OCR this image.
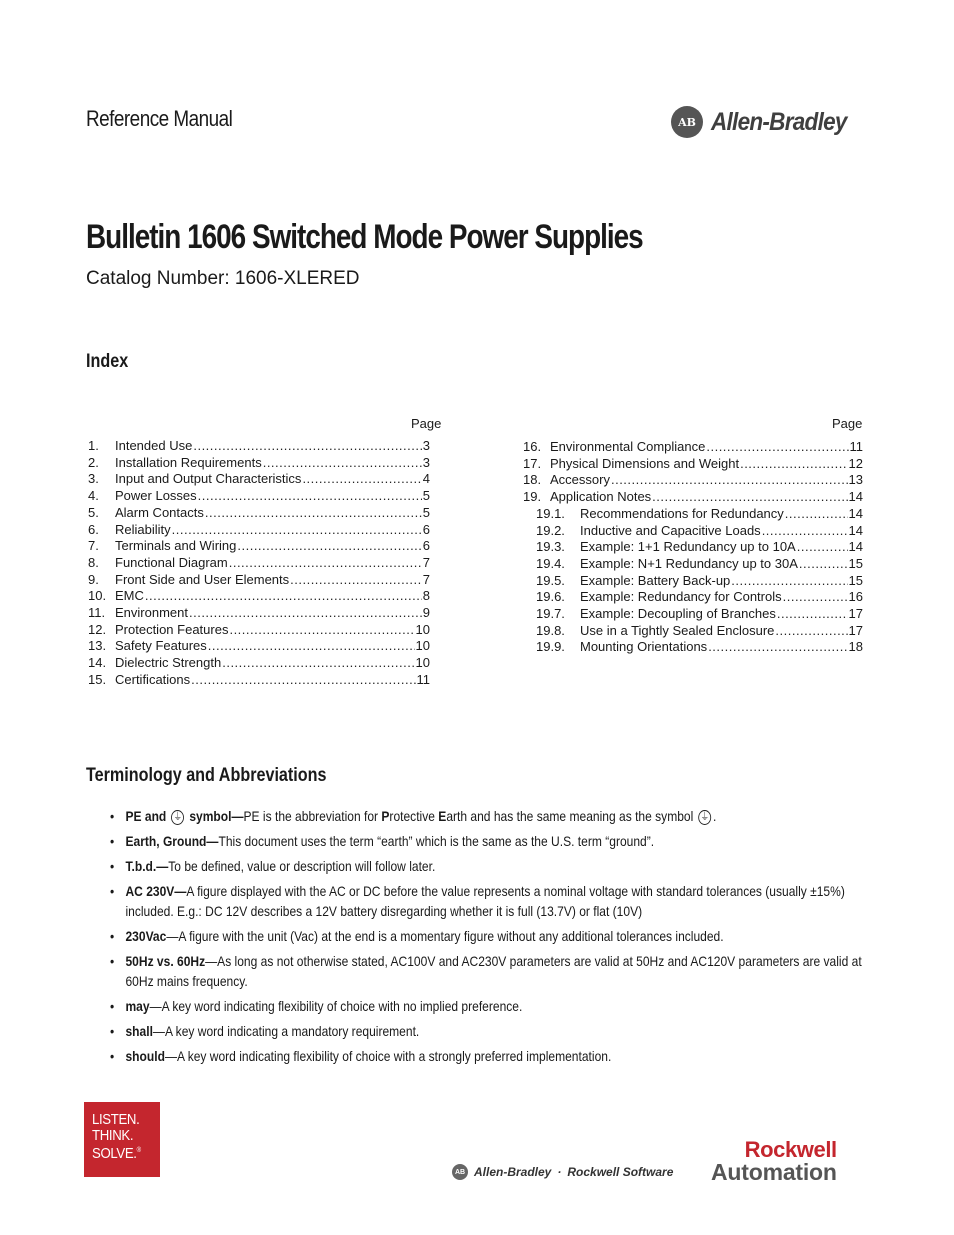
Reference Manual	AB Allen-Bradley
Bulletin 1606 Switched Mode Power Supplies
Catalog Number: 1606-XLERED
Index
Page	Page
1.	Intended Use .....	3
2.	Installation Requirements .....	3
3.	Input and Output Characteristics .....	4
4.	Power Losses .....	5
5.	Alarm Contacts .....	5
6.	Reliability .....	6
7.	Terminals and Wiring .....	6
8.	Functional Diagram .....	7
9.	Front Side and User Elements .....	7
10. EMC .....	8
11. Environment .....	9
12. Protection Features .....	10
13. Safety Features .....	10
14. Dielectric Strength .....	10
15. Certifications .....	11
16. Environmental Compliance .....	11
17. Physical Dimensions and Weight .....	12
18. Accessory .....	13
19. Application Notes .....	14
19.1.	Recommendations for Redundancy .....	14
19.2.	Inductive and Capacitive Loads .....	14
19.3.	Example: 1+1 Redundancy up to 10A .....	14
19.4.	Example: N+1 Redundancy up to 30A .....	15
19.5.	Example: Battery Back-up .....	15
19.6.	Example: Redundancy for Controls .....	16
19.7.	Example: Decoupling of Branches .....	17
19.8.	Use in a Tightly Sealed Enclosure .....	17
19.9.	Mounting Orientations .....	18
Terminology and Abbreviations
• PE and ⏚ symbol—PE is the abbreviation for Protective Earth and has the same meaning as the symbol ⏚ .
• Earth, Ground—This document uses the term “earth” which is the same as the U.S. term “ground”.
• T.b.d.—To be defined, value or description will follow later.
• AC 230V—A figure displayed with the AC or DC before the value represents a nominal voltage with standard tolerances (usually ±15%) included. E.g.: DC 12V describes a 12V battery disregarding whether it is full (13.7V) or flat (10V)
• 230Vac—A figure with the unit (Vac) at the end is a momentary figure without any additional tolerances included.
• 50Hz vs. 60Hz—As long as not otherwise stated, AC100V and AC230V parameters are valid at 50Hz and AC120V parameters are valid at 60Hz mains frequency.
• may—A key word indicating flexibility of choice with no implied preference.
• shall—A key word indicating a mandatory requirement.
• should—A key word indicating flexibility of choice with a strongly preferred implementation.
LISTEN.
THINK.
SOLVE.®
AB Allen-Bradley · Rockwell Software
Rockwell
Automation
